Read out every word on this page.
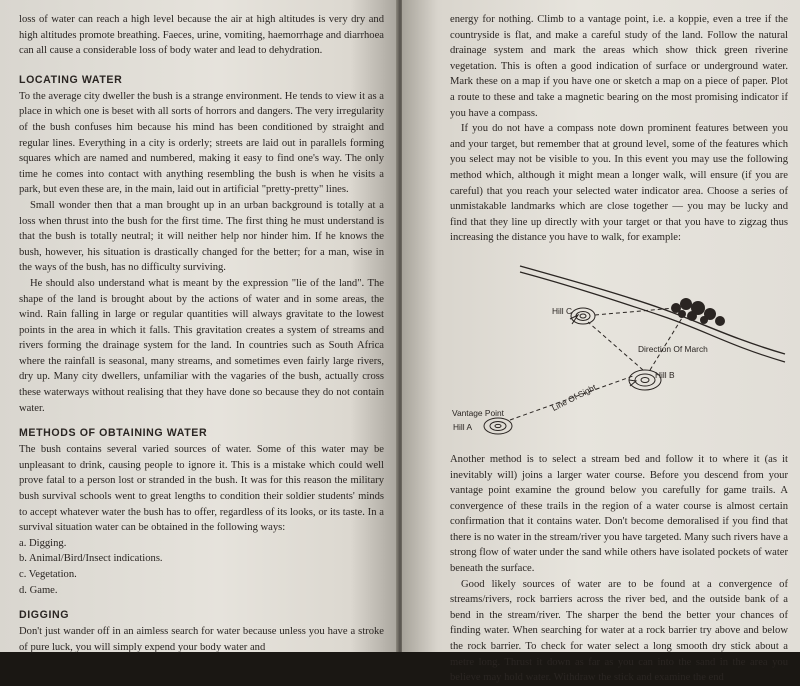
loss of water can reach a high level because the air at high altitudes is very dry and high altitudes promote breathing. Faeces, urine, vomiting, haemorrhage and diarrhoea can all cause a considerable loss of body water and lead to dehydration.

LOCATING WATER

To the average city dweller the bush is a strange environment. He tends to view it as a place in which one is beset with all sorts of horrors and dangers. The very irregularity of the bush confuses him because his mind has been conditioned by straight and regular lines. Everything in a city is orderly; streets are laid out in parallels forming squares which are named and numbered, making it easy to find one's way. The only time he comes into contact with anything resembling the bush is when he visits a park, but even these are, in the main, laid out in artificial "pretty-pretty" lines.

Small wonder then that a man brought up in an urban background is totally at a loss when thrust into the bush for the first time. The first thing he must understand is that the bush is totally neutral; it will neither help nor hinder him. If he knows the bush, however, his situation is drastically changed for the better; for a man, wise in the ways of the bush, has no difficulty surviving.

He should also understand what is meant by the expression "lie of the land". The shape of the land is brought about by the actions of water and in some areas, the wind. Rain falling in large or regular quantities will always gravitate to the lowest points in the area in which it falls. This gravitation creates a system of streams and rivers forming the drainage system for the land. In countries such as South Africa where the rainfall is seasonal, many streams, and sometimes even fairly large rivers, dry up. Many city dwellers, unfamiliar with the vagaries of the bush, actually cross these waterways without realising that they have done so because they do not contain water.

METHODS OF OBTAINING WATER

The bush contains several varied sources of water. Some of this water may be unpleasant to drink, causing people to ignore it. This is a mistake which could well prove fatal to a person lost or stranded in the bush. It was for this reason the military bush survival schools went to great lengths to condition their soldier students' minds to accept whatever water the bush has to offer, regardless of its looks, or its taste. In a survival situation water can be obtained in the following ways:

a. Digging.
b. Animal/Bird/Insect indications.
c. Vegetation.
d. Game.
DIGGING

Don't just wander off in an aimless search for water because unless you have a stroke of pure luck, you will simply expend your body water and

energy for nothing. Climb to a vantage point, i.e. a koppie, even a tree if the countryside is flat, and make a careful study of the land. Follow the natural drainage system and mark the areas which show thick green riverine vegetation. This is often a good indication of surface or underground water. Mark these on a map if you have one or sketch a map on a piece of paper. Plot a route to these and take a magnetic bearing on the most promising indicator if you have a compass.

If you do not have a compass note down prominent features between you and your target, but remember that at ground level, some of the features which you select may not be visible to you. In this event you may use the following method which, although it might mean a longer walk, will ensure (if you are careful) that you reach your selected water indicator area. Choose a series of unmistakable landmarks which are close together — you may be lucky and find that they line up directly with your target or that you have to zigzag thus increasing the distance you have to walk, for example:

Hill C
Direction Of March
Hill B
Line Of Sight
Vantage Point
Hill A

Another method is to select a stream bed and follow it to where it (as it inevitably will) joins a larger water course. Before you descend from your vantage point examine the ground below you carefully for game trails. A convergence of these trails in the region of a water course is almost certain confirmation that it contains water. Don't become demoralised if you find that there is no water in the stream/river you have targeted. Many such rivers have a strong flow of water under the sand while others have isolated pockets of water beneath the surface.

Good likely sources of water are to be found at a convergence of streams/rivers, rock barriers across the river bed, and the outside bank of a bend in the stream/river. The sharper the bend the better your chances of finding water. When searching for water at a rock barrier try above and below the rock barrier. To check for water select a long smooth dry stick about a metre long. Thrust it down as far as you can into the sand in the area you believe may hold water. Withdraw the stick and examine the end
